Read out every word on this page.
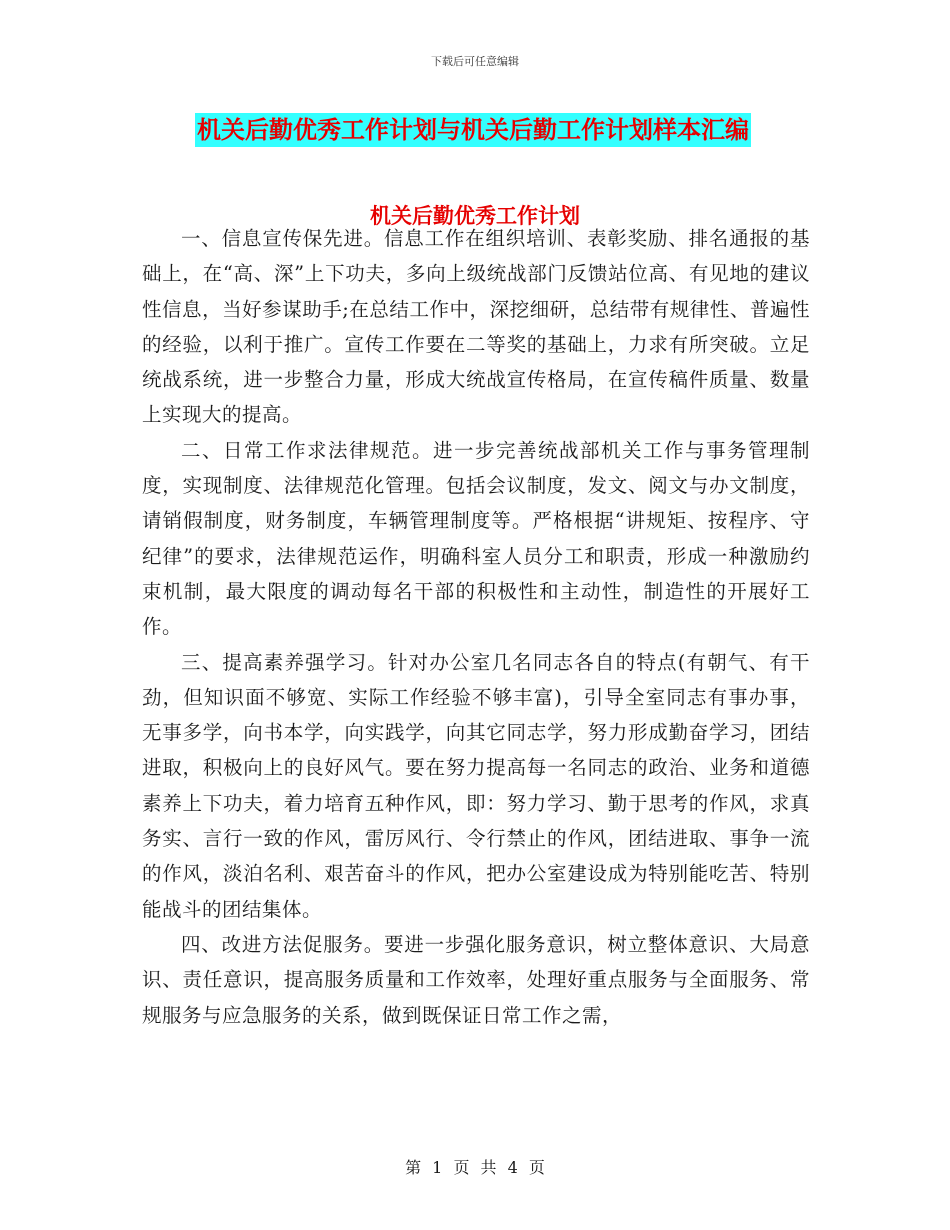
下载后可任意编辑
机关后勤优秀工作计划与机关后勤工作计划样本汇编
机关后勤优秀工作计划

一、信息宣传保先进。信息工作在组织培训、表彰奖励、排名通报的基础上，在“高、深”上下功夫，多向上级统战部门反馈站位高、有见地的建议性信息，当好参谋助手;在总结工作中，深挖细研，总结带有规律性、普遍性的经验，以利于推广。宣传工作要在二等奖的基础上，力求有所突破。立足统战系统，进一步整合力量，形成大统战宣传格局，在宣传稿件质量、数量上实现大的提高。

二、日常工作求法律规范。进一步完善统战部机关工作与事务管理制度，实现制度、法律规范化管理。包括会议制度，发文、阅文与办文制度，请销假制度，财务制度，车辆管理制度等。严格根据“讲规矩、按程序、守纪律”的要求，法律规范运作，明确科室人员分工和职责，形成一种激励约束机制，最大限度的调动每名干部的积极性和主动性，制造性的开展好工作。

三、提高素养强学习。针对办公室几名同志各自的特点(有朝气、有干劲，但知识面不够宽、实际工作经验不够丰富)，引导全室同志有事办事，无事多学，向书本学，向实践学，向其它同志学，努力形成勤奋学习，团结进取，积极向上的良好风气。要在努力提高每一名同志的政治、业务和道德素养上下功夫，着力培育五种作风，即：努力学习、勤于思考的作风，求真务实、言行一致的作风，雷厉风行、令行禁止的作风，团结进取、事争一流的作风，淡泊名利、艰苦奋斗的作风，把办公室建设成为特别能吃苦、特别能战斗的团结集体。

四、改进方法促服务。要进一步强化服务意识，树立整体意识、大局意识、责任意识，提高服务质量和工作效率，处理好重点服务与全面服务、常规服务与应急服务的关系，做到既保证日常工作之需，

第 1 页 共 4 页
